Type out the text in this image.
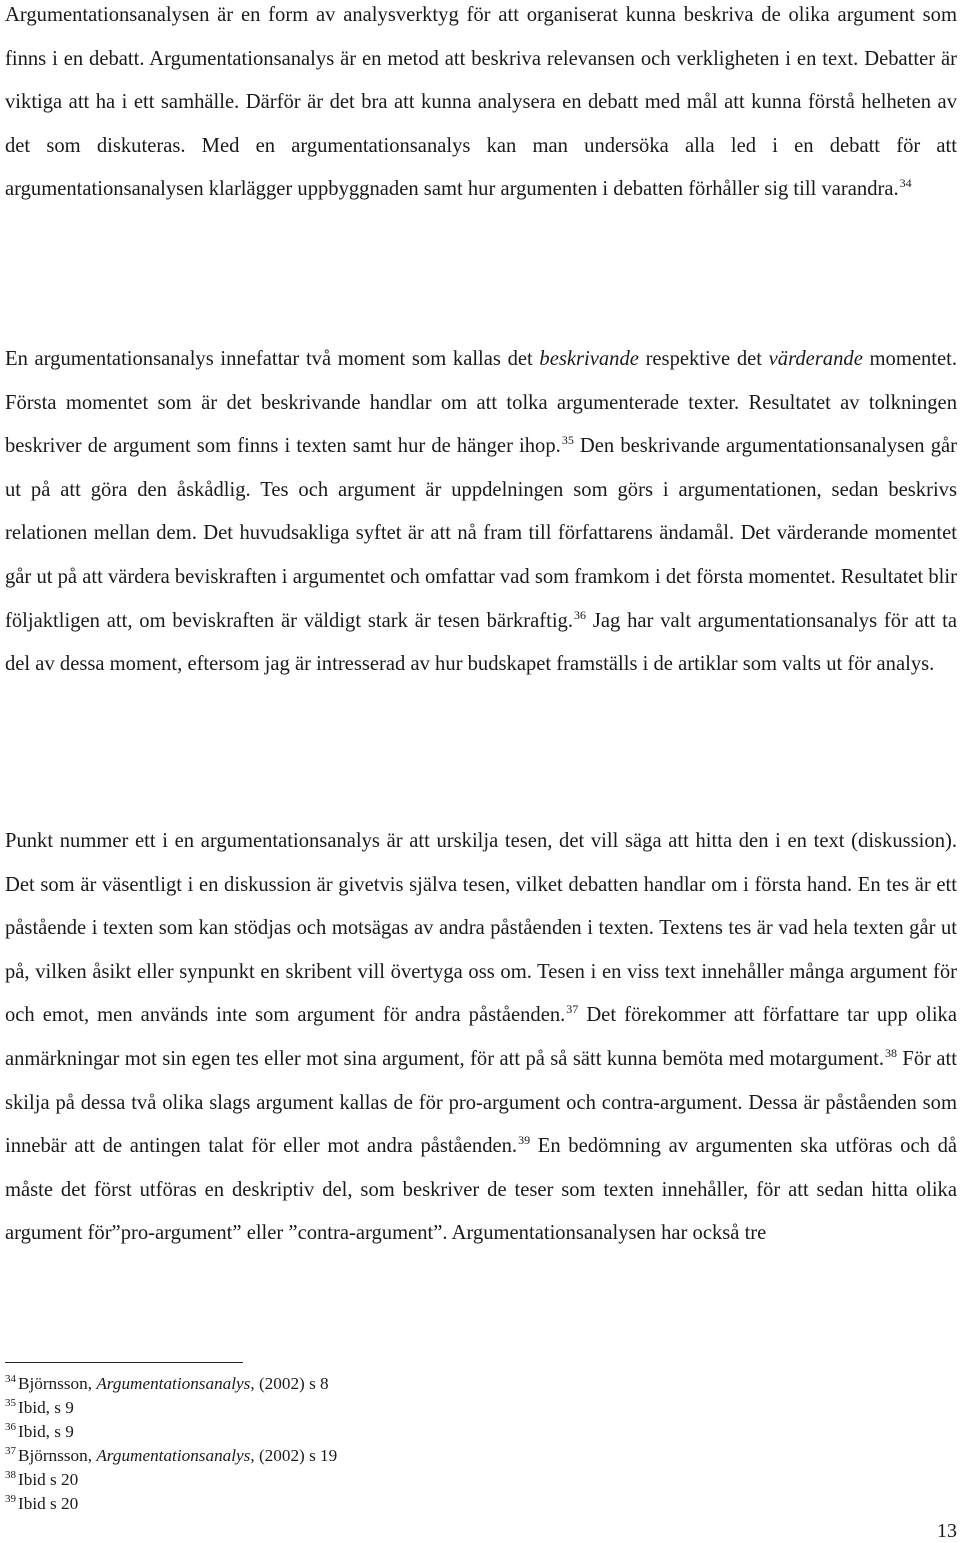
Argumentationsanalysen är en form av analysverktyg för att organiserat kunna beskriva de olika argument som finns i en debatt. Argumentationsanalys är en metod att beskriva relevansen och verkligheten i en text. Debatter är viktiga att ha i ett samhälle. Därför är det bra att kunna analysera en debatt med mål att kunna förstå helheten av det som diskuteras. Med en argumentationsanalys kan man undersöka alla led i en debatt för att argumentationsanalysen klarlägger uppbyggnaden samt hur argumenten i debatten förhåller sig till varandra.$^{34}$

En argumentationsanalys innefattar två moment som kallas det beskrivande respektive det värderande momentet. Första momentet som är det beskrivande handlar om att tolka argumenterade texter. Resultatet av tolkningen beskriver de argument som finns i texten samt hur de hänger ihop.$^{35}$ Den beskrivande argumentationsanalysen går ut på att göra den åskådlig. Tes och argument är uppdelningen som görs i argumentationen, sedan beskrivs relationen mellan dem. Det huvudsakliga syftet är att nå fram till författarens ändamål. Det värderande momentet går ut på att värdera beviskraften i argumentet och omfattar vad som framkom i det första momentet. Resultatet blir följaktligen att, om beviskraften är väldigt stark är tesen bärkraftig.$^{36}$ Jag har valt argumentationsanalys för att ta del av dessa moment, eftersom jag är intresserad av hur budskapet framställs i de artiklar som valts ut för analys.

Punkt nummer ett i en argumentationsanalys är att urskilja tesen, det vill säga att hitta den i en text (diskussion). Det som är väsentligt i en diskussion är givetvis själva tesen, vilket debatten handlar om i första hand. En tes är ett påstående i texten som kan stödjas och motsägas av andra påståenden i texten. Textens tes är vad hela texten går ut på, vilken åsikt eller synpunkt en skribent vill övertyga oss om. Tesen i en viss text innehåller många argument för och emot, men används inte som argument för andra påståenden.$^{37}$ Det förekommer att författare tar upp olika anmärkningar mot sin egen tes eller mot sina argument, för att på så sätt kunna bemöta med motargument.$^{38}$ För att skilja på dessa två olika slags argument kallas de för pro-argument och contra-argument. Dessa är påståenden som innebär att de antingen talat för eller mot andra påståenden.$^{39}$ En bedömning av argumenten ska utföras och då måste det först utföras en deskriptiv del, som beskriver de teser som texten innehåller, för att sedan hitta olika argument för”pro-argument” eller ”contra-argument”. Argumentationsanalysen har också tre

$^{34}$ Björnsson, Argumentationsanalys, (2002) s 8
$^{35}$ Ibid, s 9
$^{36}$ Ibid, s 9
$^{37}$ Björnsson, Argumentationsanalys, (2002) s 19
$^{38}$ Ibid s 20
$^{39}$ Ibid s 20
13
